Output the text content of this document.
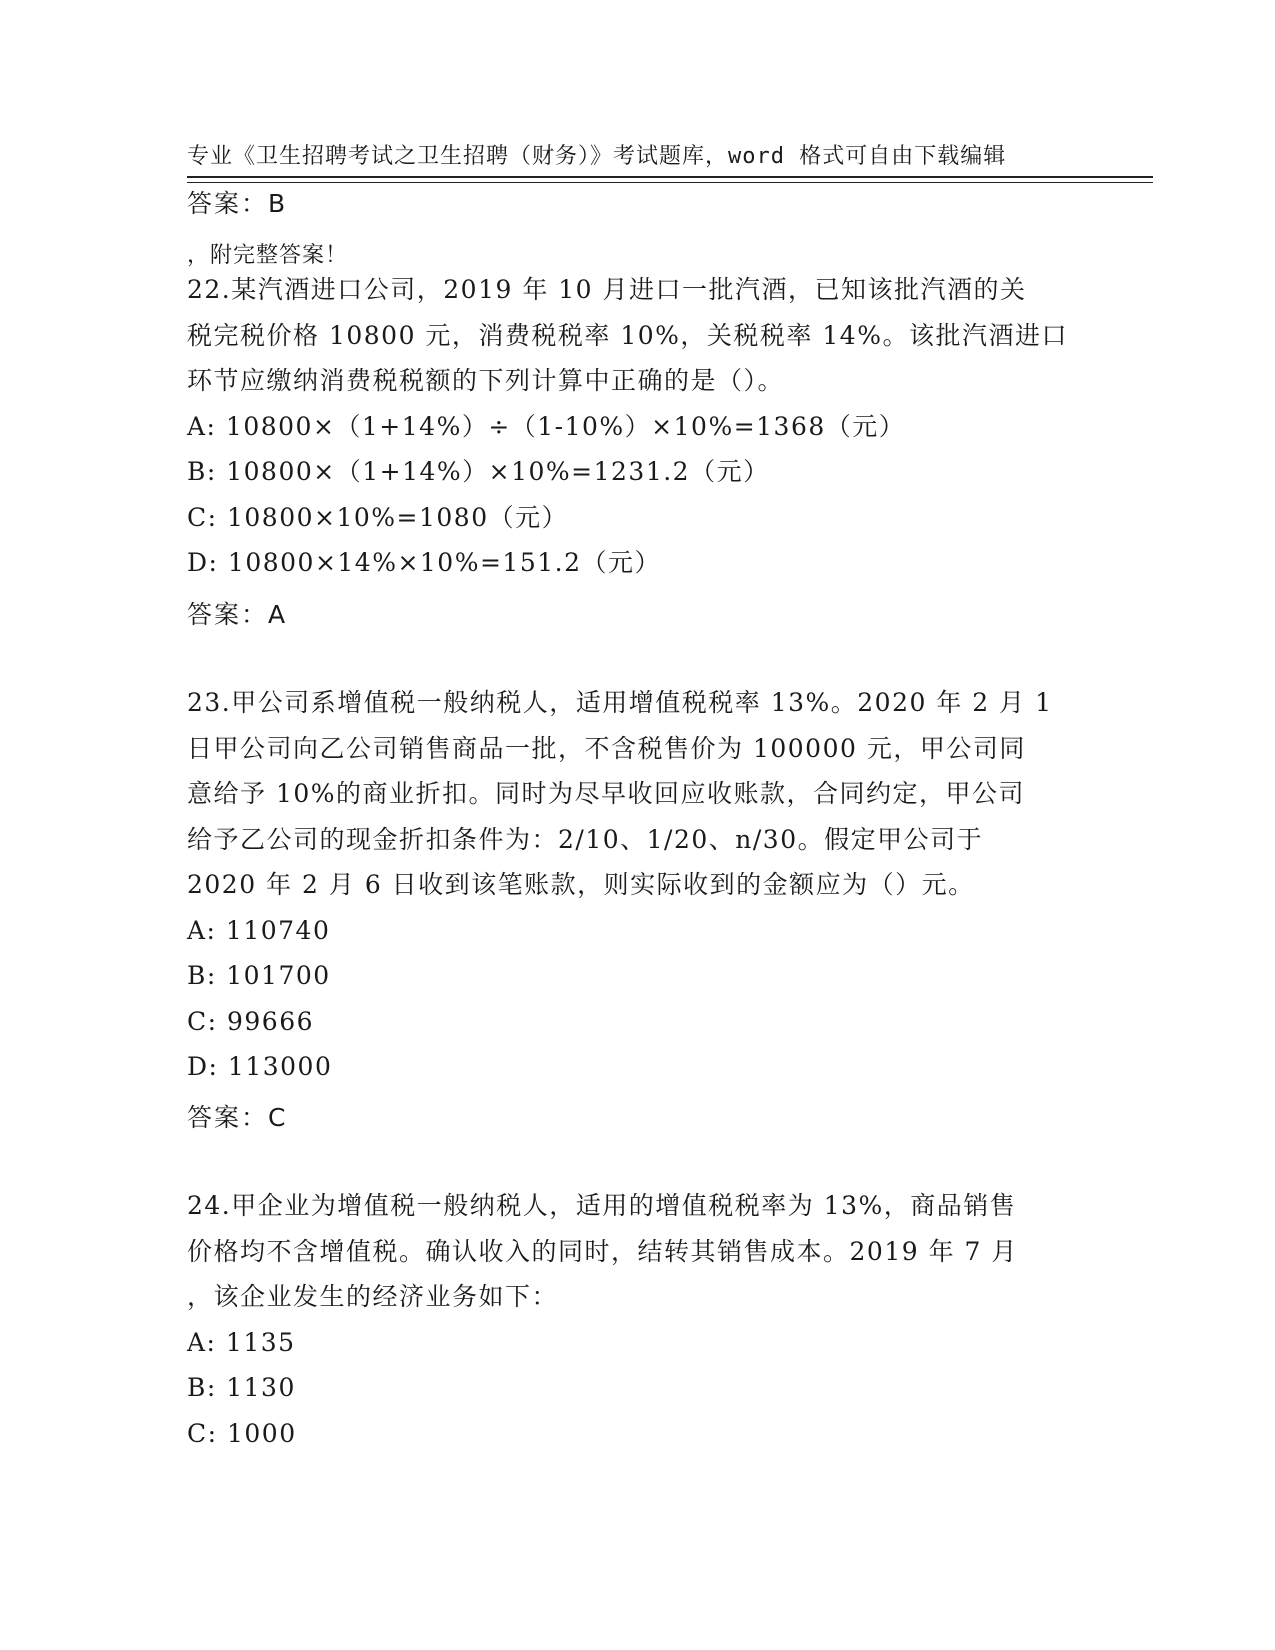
专业《卫生招聘考试之卫生招聘（财务）》考试题库，word 格式可自由下载编辑

，附完整答案！

答案：B
22.某汽酒进口公司，2019 年 10 月进口一批汽酒，已知该批汽酒的关
税完税价格 10800 元，消费税税率 10%，关税税率 14%。该批汽酒进口
环节应缴纳消费税税额的下列计算中正确的是（）。
A: 10800×（1+14%）÷（1-10%）×10%=1368（元）
B: 10800×（1+14%）×10%=1231.2（元）
C: 10800×10%=1080（元）
D: 10800×14%×10%=151.2（元）
答案：A
23.甲公司系增值税一般纳税人，适用增值税税率 13%。2020 年 2 月 1
日甲公司向乙公司销售商品一批，不含税售价为 100000 元，甲公司同
意给予 10%的商业折扣。同时为尽早收回应收账款，合同约定，甲公司
给予乙公司的现金折扣条件为：2/10、1/20、n/30。假定甲公司于
2020 年 2 月 6 日收到该笔账款，则实际收到的金额应为（）元。
A: 110740
B: 101700
C: 99666
D: 113000
答案：C
24.甲企业为增值税一般纳税人，适用的增值税税率为 13%，商品销售
价格均不含增值税。确认收入的同时，结转其销售成本。2019 年 7 月
，该企业发生的经济业务如下：
A: 1135
B: 1130
C: 1000
